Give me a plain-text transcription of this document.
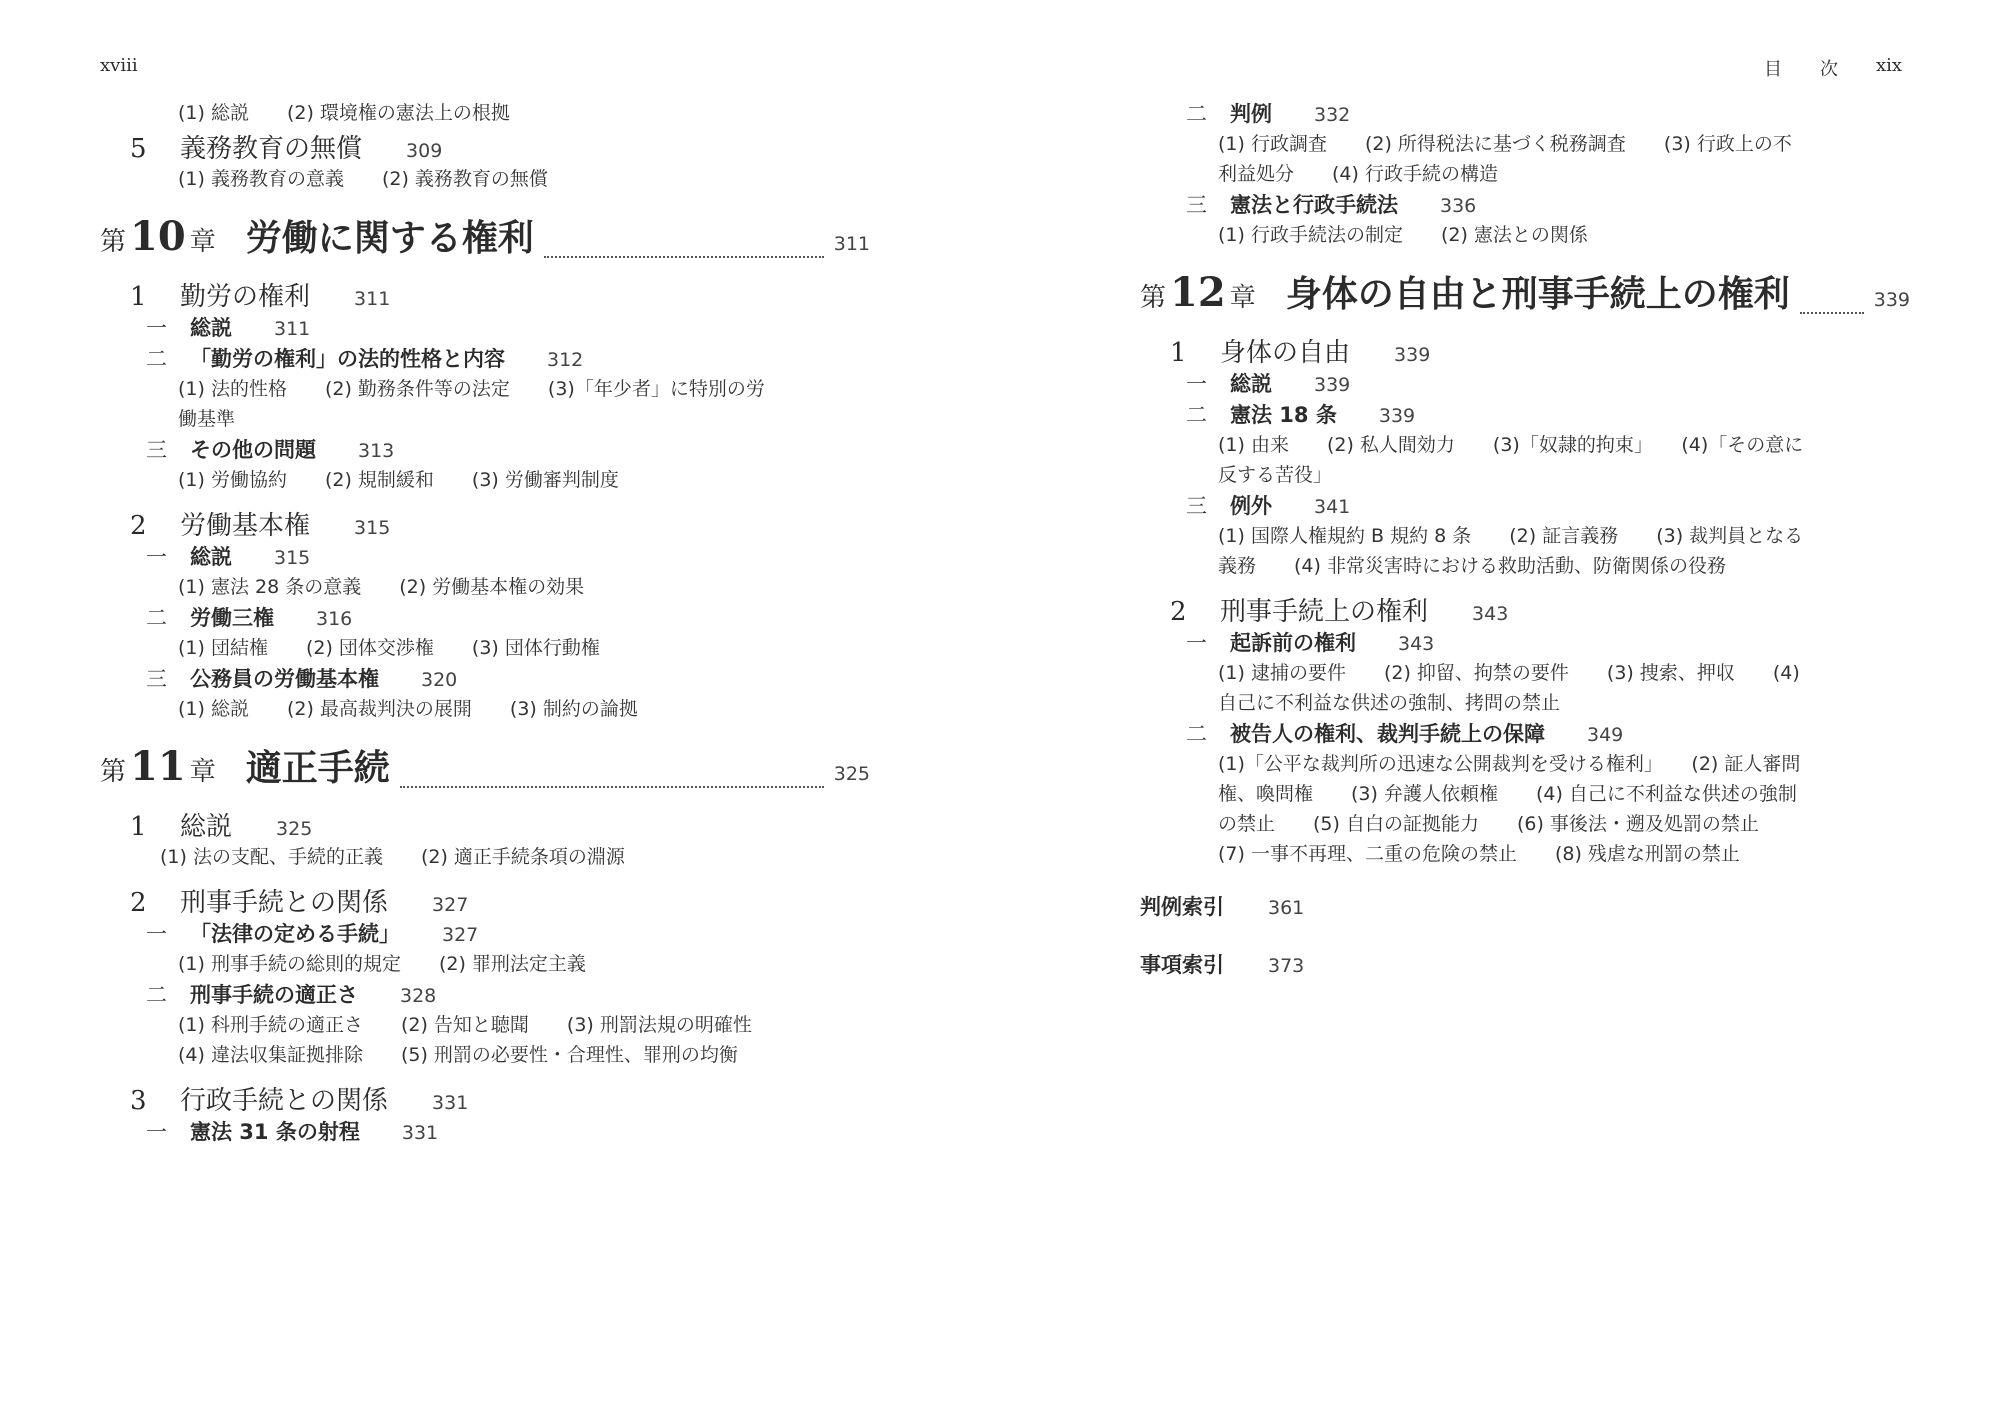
xviii
(1) 総説　　(2) 環境権の憲法上の根拠
5	義務教育の無償 309
(1) 義務教育の意義　　(2) 義務教育の無償
第 10 章 労働に関する権利	311
1	勤労の権利 311
一	総説 311
二	「勤労の権利」の法的性格と内容 312
(1) 法的性格　　(2) 勤務条件等の法定　　(3)「年少者」に特別の労働基準
三	その他の問題 313
(1) 労働協約　　(2) 規制緩和　　(3) 労働審判制度
2	労働基本権 315
一	総説 315
(1) 憲法 28 条の意義　　(2) 労働基本権の効果
二	労働三権 316
(1) 団結権　　(2) 団体交渉権　　(3) 団体行動権
三	公務員の労働基本権 320
(1) 総説　　(2) 最高裁判決の展開　　(3) 制約の論拠
第 11 章 適正手続	325
1	総説 325
(1) 法の支配、手続的正義　　(2) 適正手続条項の淵源
2	刑事手続との関係 327
一	「法律の定める手続」 327
(1) 刑事手続の総則的規定　　(2) 罪刑法定主義
二	刑事手続の適正さ 328
(1) 科刑手続の適正さ　　(2) 告知と聴聞　　(3) 刑罰法規の明確性　　(4) 違法収集証拠排除　　(5) 刑罰の必要性・合理性、罪刑の均衡
3	行政手続との関係 331
一	憲法 31 条の射程 331
目 次 xix
二	判例 332
(1) 行政調査　　(2) 所得税法に基づく税務調査　　(3) 行政上の不利益処分　　(4) 行政手続の構造
三	憲法と行政手続法 336
(1) 行政手続法の制定　　(2) 憲法との関係
第 12 章 身体の自由と刑事手続上の権利	339
1	身体の自由 339
一	総説 339
二	憲法 18 条 339
(1) 由来　　(2) 私人間効力　　(3)「奴隷的拘束」　　(4)「その意に反する苦役」
三	例外 341
(1) 国際人権規約 B 規約 8 条　　(2) 証言義務　　(3) 裁判員となる義務　　(4) 非常災害時における救助活動、防衛関係の役務
2	刑事手続上の権利 343
一	起訴前の権利 343
(1) 逮捕の要件　　(2) 抑留、拘禁の要件　　(3) 捜索、押収　　(4) 自己に不利益な供述の強制、拷問の禁止
二	被告人の権利、裁判手続上の保障 349
(1)「公平な裁判所の迅速な公開裁判を受ける権利」　　(2) 証人審問権、喚問権　　(3) 弁護人依頼権　　(4) 自己に不利益な供述の強制の禁止　　(5) 自白の証拠能力　　(6) 事後法・遡及処罰の禁止　　(7) 一事不再理、二重の危険の禁止　　(8) 残虐な刑罰の禁止
判例索引 361
事項索引 373
